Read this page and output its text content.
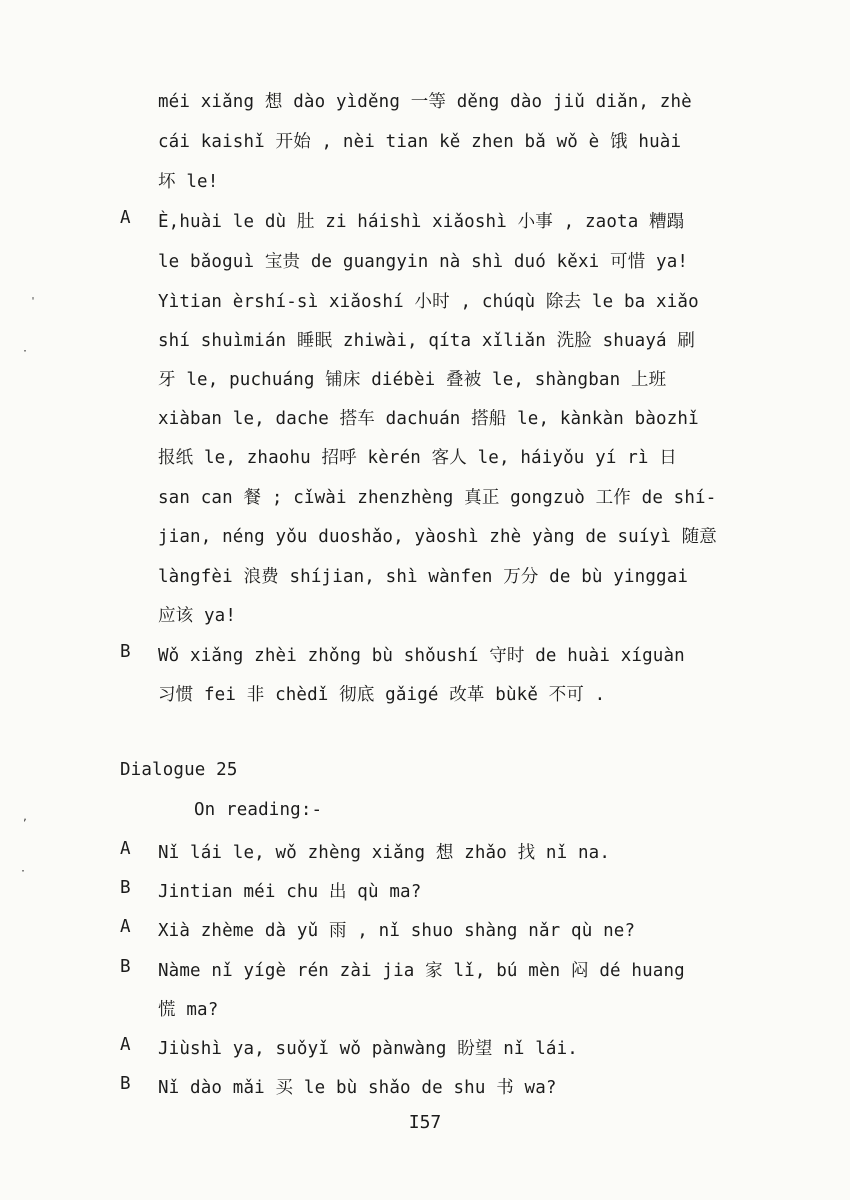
'
·
,
·
méi xiǎng 想 dào yìděng 一等 děng dào jiǔ diǎn, zhè
cái kaishǐ 开始 , nèi tian kě zhen bǎ wǒ è 饿 huài
坏 le!
A È,huài le dù 肚 zi háishì xiǎoshì 小事 , zaota 糟蹋
le bǎoguì 宝贵 de guangyin nà shì duó kěxi 可惜 ya!
Yìtian èrshí-sì xiǎoshí 小时 , chúqù 除去 le ba xiǎo
shí shuìmián 睡眠 zhiwài, qíta xǐliǎn 洗脸 shuayá 刷
牙 le, puchuáng 铺床 diébèi 叠被 le, shàngban 上班
xiàban le, dache 搭车 dachuán 搭船 le, kànkàn bàozhǐ
报纸 le, zhaohu 招呼 kèrén 客人 le, háiyǒu yí rì 日
san can 餐 ; cǐwài zhenzhèng 真正 gongzuò 工作 de shí-
jian, néng yǒu duoshǎo, yàoshì zhè yàng de suíyì 随意
làngfèi 浪费 shíjian, shì wànfen 万分 de bù yinggai
应该 ya!
B Wǒ xiǎng zhèi zhǒng bù shǒushí 守时 de huài xíguàn
习惯 fei 非 chèdǐ 彻底 gǎigé 改革 bùkě 不可 .
Dialogue 25
On reading:-
A Nǐ lái le, wǒ zhèng xiǎng 想 zhǎo 找 nǐ na.
B Jintian méi chu 出 qù ma?
A Xià zhème dà yǔ 雨 , nǐ shuo shàng nǎr qù ne?
B Nàme nǐ yígè rén zài jia 家 lǐ, bú mèn 闷 dé huang
慌 ma?
A Jiùshì ya, suǒyǐ wǒ pànwàng 盼望 nǐ lái.
B Nǐ dào mǎi 买 le bù shǎo de shu 书 wa?
I57
